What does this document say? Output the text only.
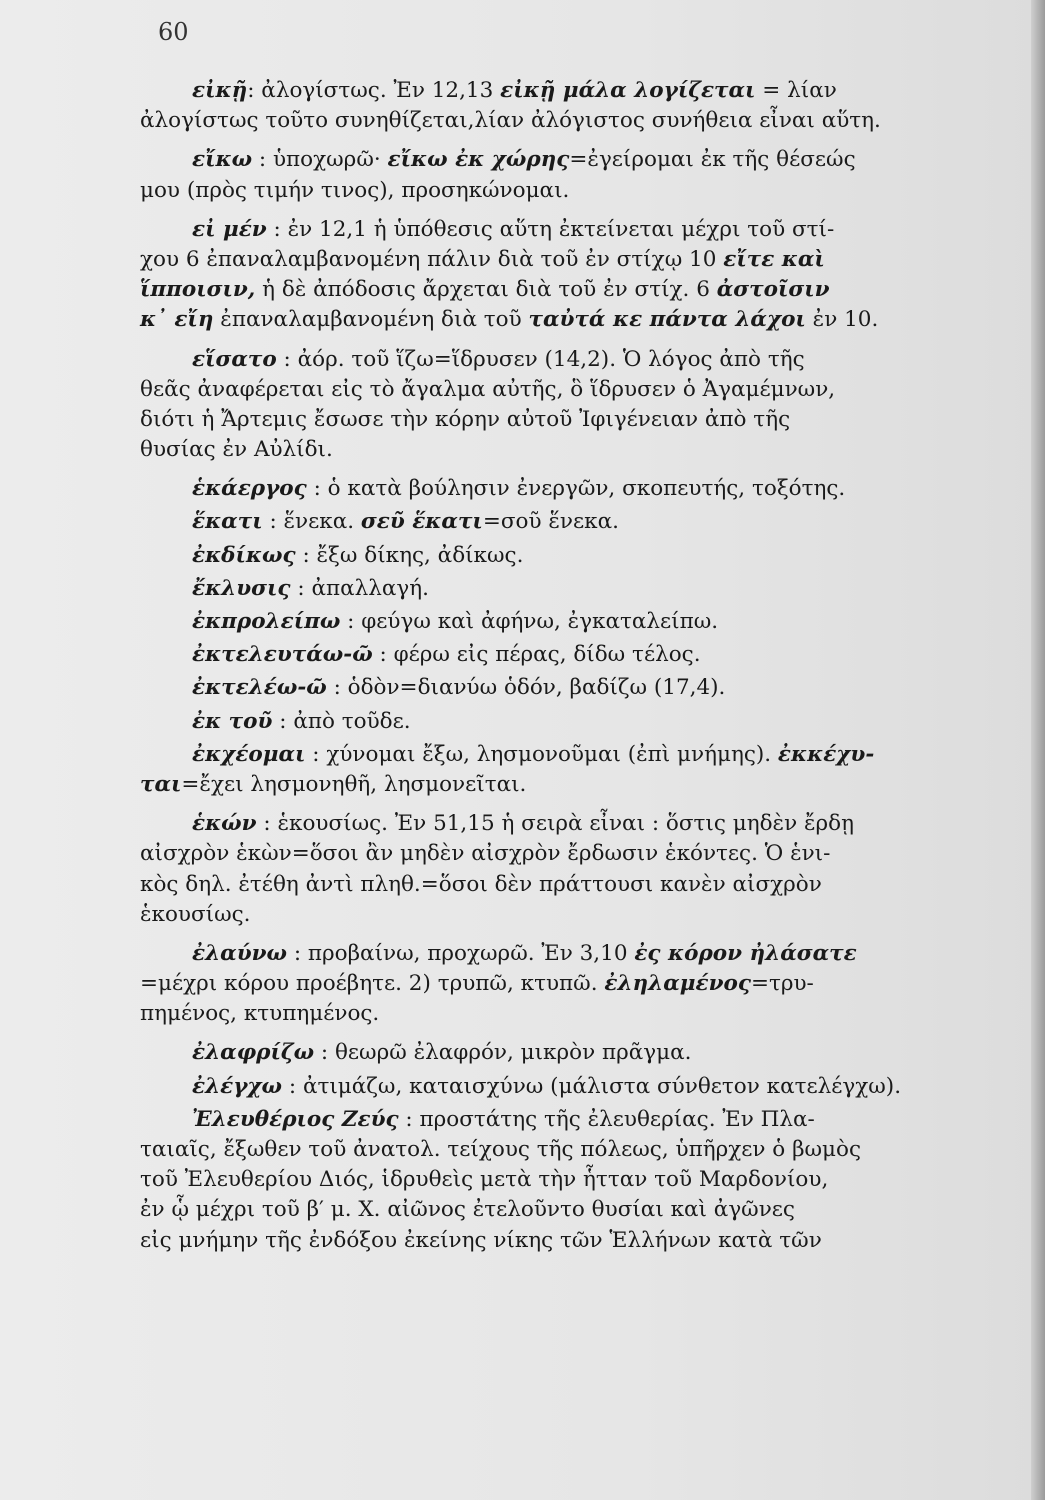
60
εἰκῇ: ἀλογίστως. Ἐν 12,13 εἰκῇ μάλα λογίζεται = λίαν
ἀλογίστως τοῦτο συνηθίζεται,λίαν ἀλόγιστος συνήθεια εἶναι αὕτη.
εἴκω : ὑποχωρῶ· εἴκω ἐκ χώρης=ἐγείρομαι ἐκ τῆς θέσεώς
μου (πρὸς τιμήν τινος), προσηκώνομαι.
εἰ μέν : ἐν 12,1 ἡ ὑπόθεσις αὕτη ἐκτείνεται μέχρι τοῦ στί-
χου 6 ἐπαναλαμβανομένη πάλιν διὰ τοῦ ἐν στίχῳ 10 εἴτε καὶ
ἵπποισιν, ἡ δὲ ἀπόδοσις ἄρχεται διὰ τοῦ ἐν στίχ. 6 ἀστοῖσιν
κ᾽ εἴη ἐπαναλαμβανομένη διὰ τοῦ ταὐτά κε πάντα λάχοι ἐν 10.
εἵσατο : ἀόρ. τοῦ ἵζω=ἵδρυσεν (14,2). Ὁ λόγος ἀπὸ τῆς
θεᾶς ἀναφέρεται εἰς τὸ ἄγαλμα αὐτῆς, ὃ ἵδρυσεν ὁ Ἀγαμέμνων,
διότι ἡ Ἄρτεμις ἔσωσε τὴν κόρην αὐτοῦ Ἰφιγένειαν ἀπὸ τῆς
θυσίας ἐν Αὐλίδι.
ἑκάεργος : ὁ κατὰ βούλησιν ἐνεργῶν, σκοπευτής, τοξότης.
ἕκατι : ἕνεκα. σεῦ ἕκατι=σοῦ ἕνεκα.
ἐκδίκως : ἔξω δίκης, ἀδίκως.
ἔκλυσις : ἀπαλλαγή.
ἐκπρολείπω : φεύγω καὶ ἀφήνω, ἐγκαταλείπω.
ἐκτελευτάω-ῶ : φέρω εἰς πέρας, δίδω τέλος.
ἐκτελέω-ῶ : ὁδὸν=διανύω ὁδόν, βαδίζω (17,4).
ἐκ τοῦ : ἀπὸ τοῦδε.
ἐκχέομαι : χύνομαι ἔξω, λησμονοῦμαι (ἐπὶ μνήμης). ἐκκέχυ-
ται=ἔχει λησμονηθῆ, λησμονεῖται.
ἑκών : ἑκουσίως. Ἐν 51,15 ἡ σειρὰ εἶναι : ὅστις μηδὲν ἔρδῃ
αἰσχρὸν ἑκὼν=ὅσοι ἂν μηδὲν αἰσχρὸν ἔρδωσιν ἑκόντες. Ὁ ἑνι-
κὸς δηλ. ἐτέθη ἀντὶ πληθ.=ὅσοι δὲν πράττουσι κανὲν αἰσχρὸν
ἑκουσίως.
ἐλαύνω : προβαίνω, προχωρῶ. Ἐν 3,10 ἐς κόρον ἠλάσατε
=μέχρι κόρου προέβητε. 2) τρυπῶ, κτυπῶ. ἐληλαμένος=τρυ-
πημένος, κτυπημένος.
ἐλαφρίζω : θεωρῶ ἐλαφρόν, μικρὸν πρᾶγμα.
ἐλέγχω : ἀτιμάζω, καταισχύνω (μάλιστα σύνθετον κατελέγχω).
Ἐλευθέριος Ζεύς : προστάτης τῆς ἐλευθερίας. Ἐν Πλα-
ταιαῖς, ἔξωθεν τοῦ ἀνατολ. τείχους τῆς πόλεως, ὑπῆρχεν ὁ βωμὸς
τοῦ Ἐλευθερίου Διός, ἱδρυθεὶς μετὰ τὴν ἧτταν τοῦ Μαρδονίου,
ἐν ᾧ μέχρι τοῦ β′ μ. Χ. αἰῶνος ἐτελοῦντο θυσίαι καὶ ἀγῶνες
εἰς μνήμην τῆς ἐνδόξου ἐκείνης νίκης τῶν Ἑλλήνων κατὰ τῶν
